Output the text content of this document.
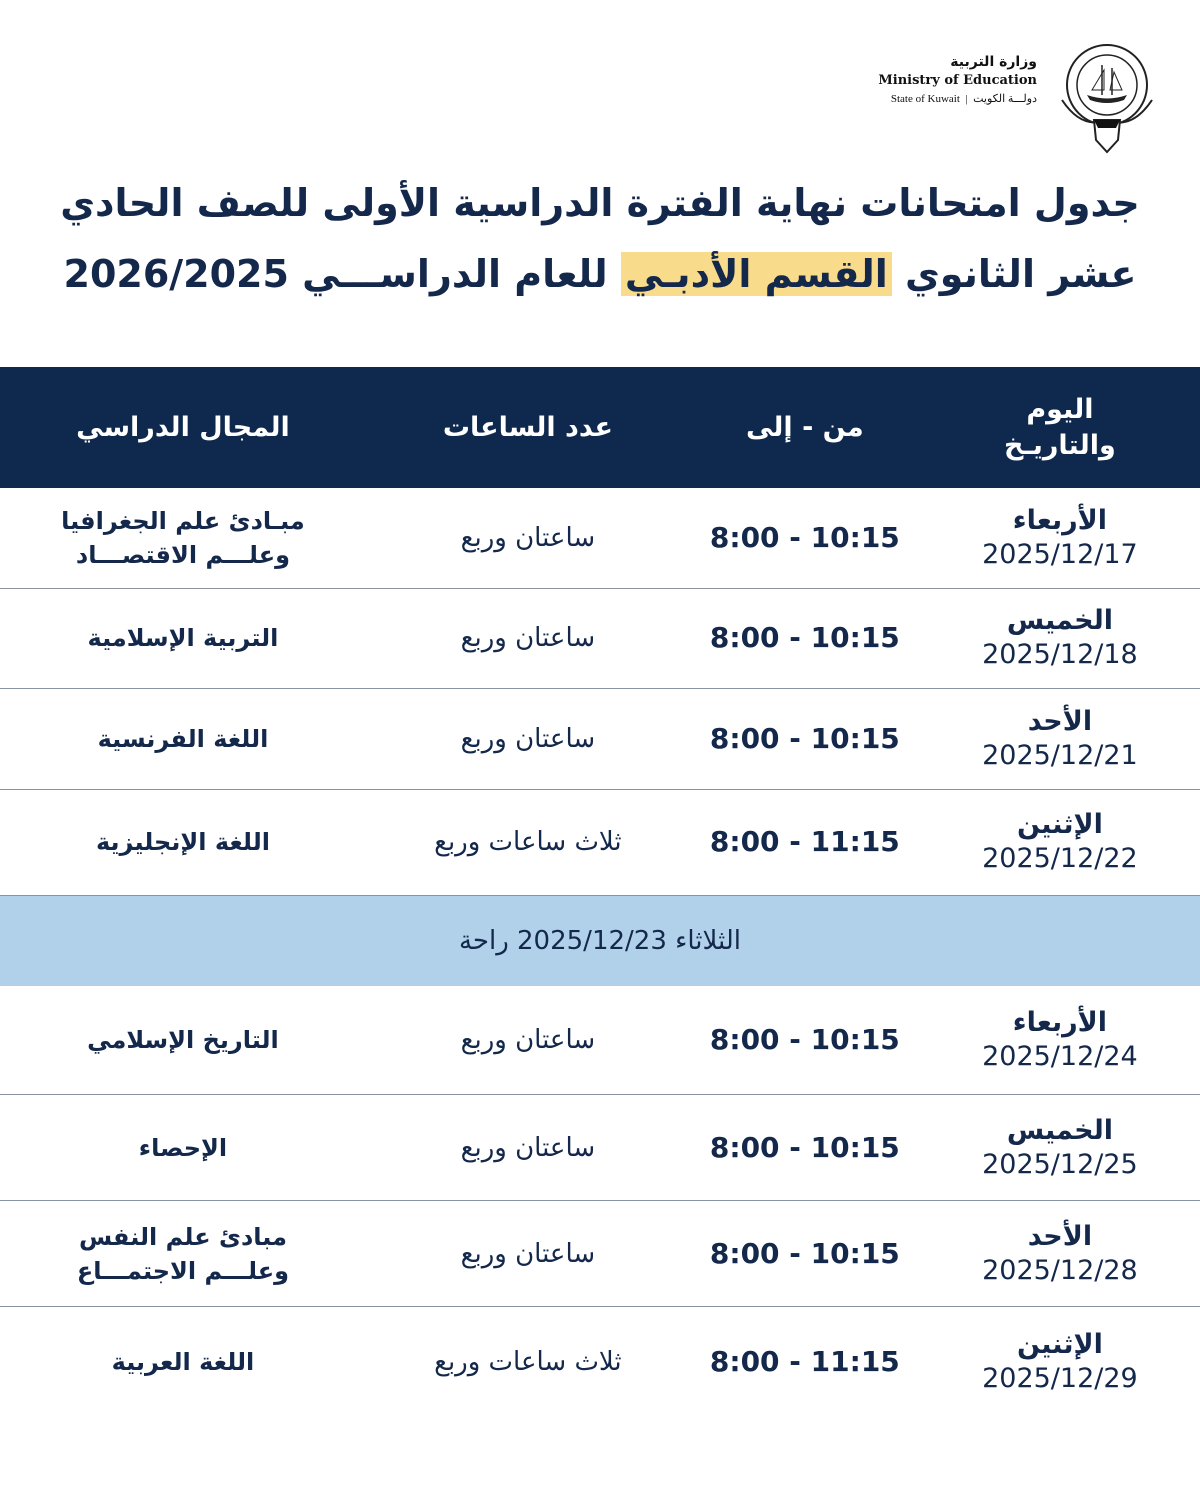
وزارة التربية
Ministry of Education
State of Kuwait  |  دولـــة الكويت
جدول امتحانات نهاية الفترة الدراسية الأولى للصف الحادي
عشر الثانوي القسم الأدبـي للعام الدراســـي 2026/2025
اليوم والتاريـخ	من - إلى	عدد الساعات	المجال الدراسي

الأربعاء
2025/12/17	8:00 - 10:15	ساعتان وربع	مبـادئ علم الجغرافيا وعلـــم الاقتصـــاد

الخميس
2025/12/18	8:00 - 10:15	ساعتان وربع	التربية الإسلامية

الأحد
2025/12/21	8:00 - 10:15	ساعتان وربع	اللغة الفرنسية

الإثنين
2025/12/22	8:00 - 11:15	ثلاث ساعات وربع	اللغة الإنجليزية

الثلاثاء 2025/12/23 راحة			

الأربعاء
2025/12/24	8:00 - 10:15	ساعتان وربع	التاريخ الإسلامي

الخميس
2025/12/25	8:00 - 10:15	ساعتان وربع	الإحصاء

الأحد
2025/12/28	8:00 - 10:15	ساعتان وربع	مبادئ علم النفس وعلـــم الاجتمـــاع

الإثنين
2025/12/29	8:00 - 11:15	ثلاث ساعات وربع	اللغة العربية
